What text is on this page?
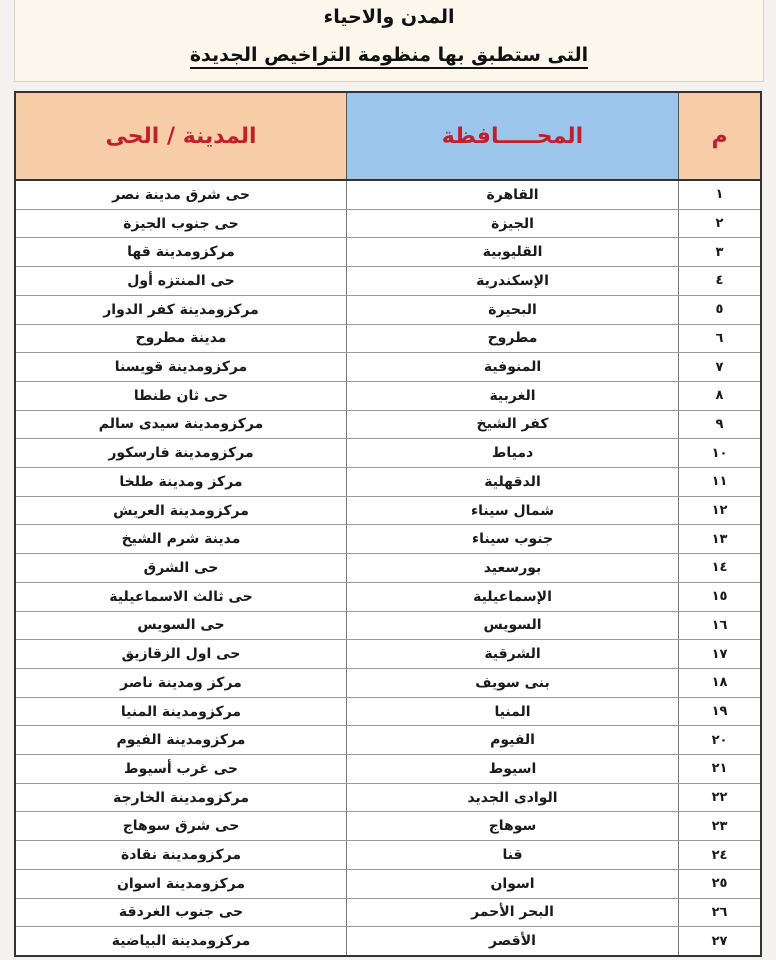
المدن والاحياء
التى ستطبق بها منظومة التراخيص الجديدة
م
المحـــــافظة
المدينة / الحى
١
القاهرة
حى شرق مدينة نصر
٢
الجيزة
حى جنوب الجيزة
٣
القليوبية
مركزومدينة قها
٤
الإسكندرية
حى المنتزه أول
٥
البحيرة
مركزومدينة كفر الدوار
٦
مطروح
مدينة مطروح
٧
المنوفية
مركزومدينة قويسنا
٨
الغربية
حى ثان طنطا
٩
كفر الشيخ
مركزومدينة سيدى سالم
١٠
دمياط
مركزومدينة فارسكور
١١
الدقهلية
مركز ومدينة طلخا
١٢
شمال سيناء
مركزومدينة العريش
١٣
جنوب سيناء
مدينة شرم الشيخ
١٤
بورسعيد
حى الشرق
١٥
الإسماعيلية
حى ثالث الاسماعيلية
١٦
السويس
حى السويس
١٧
الشرقية
حى اول الزقازيق
١٨
بنى سويف
مركز ومدينة ناصر
١٩
المنيا
مركزومدينة المنيا
٢٠
الفيوم
مركزومدينة الفيوم
٢١
اسيوط
حى غرب أسيوط
٢٢
الوادى الجديد
مركزومدينة الخارجة
٢٣
سوهاج
حى شرق سوهاج
٢٤
قنا
مركزومدينة نقادة
٢٥
اسوان
مركزومدينة اسوان
٢٦
البحر الأحمر
حى جنوب الغردقة
٢٧
الأقصر
مركزومدينة البياضية
